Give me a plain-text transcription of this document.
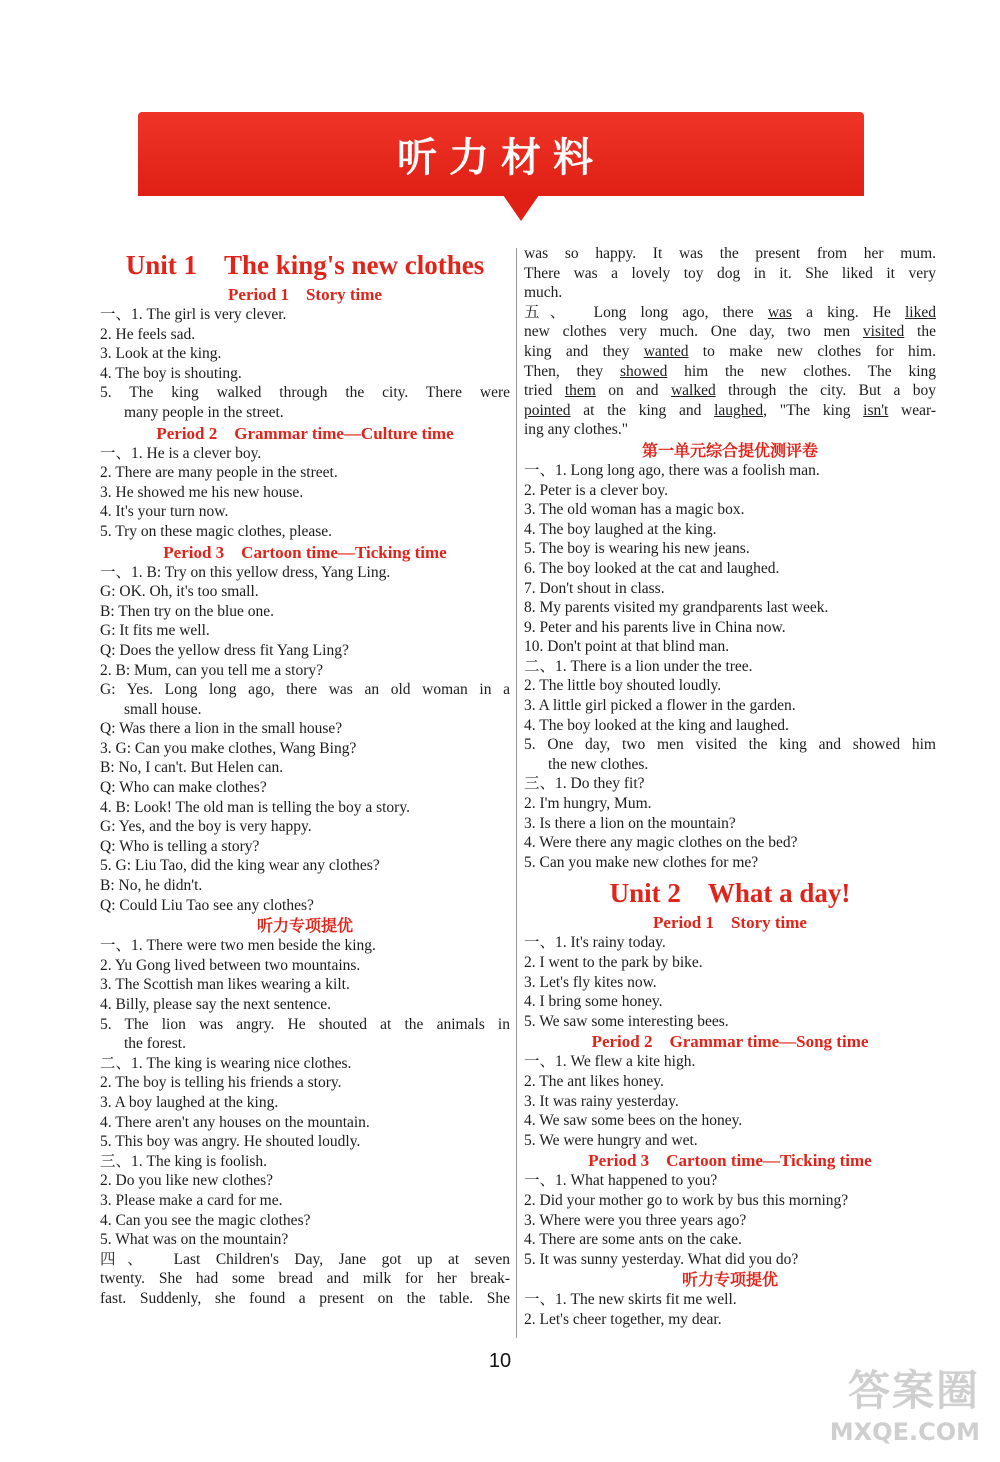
听力材料
Unit 1　The king's new clothes
Period 1　Story time
一、1. The girl is very clever.
2. He feels sad.
3. Look at the king.
4. The boy is shouting.
5. The king walked through the city. There were
many people in the street.
Period 2　Grammar time—Culture time
一、1. He is a clever boy.
2. There are many people in the street.
3. He showed me his new house.
4. It's your turn now.
5. Try on these magic clothes, please.
Period 3　Cartoon time—Ticking time
一、1. B: Try on this yellow dress, Yang Ling.
G: OK. Oh, it's too small.
B: Then try on the blue one.
G: It fits me well.
Q: Does the yellow dress fit Yang Ling?
2. B: Mum, can you tell me a story?
G: Yes. Long long ago, there was an old woman in a
small house.
Q: Was there a lion in the small house?
3. G: Can you make clothes, Wang Bing?
B: No, I can't. But Helen can.
Q: Who can make clothes?
4. B: Look! The old man is telling the boy a story.
G: Yes, and the boy is very happy.
Q: Who is telling a story?
5. G: Liu Tao, did the king wear any clothes?
B: No, he didn't.
Q: Could Liu Tao see any clothes?
听力专项提优
一、1. There were two men beside the king.
2. Yu Gong lived between two mountains.
3. The Scottish man likes wearing a kilt.
4. Billy, please say the next sentence.
5. The lion was angry. He shouted at the animals in
the forest.
二、1. The king is wearing nice clothes.
2. The boy is telling his friends a story.
3. A boy laughed at the king.
4. There aren't any houses on the mountain.
5. This boy was angry. He shouted loudly.
三、1. The king is foolish.
2. Do you like new clothes?
3. Please make a card for me.
4. Can you see the magic clothes?
5. What was on the mountain?
四、　Last Children's Day, Jane got up at seven
twenty. She had some bread and milk for her break-
fast. Suddenly, she found a present on the table. She
was so happy. It was the present from her mum.
There was a lovely toy dog in it. She liked it very
much.
五、　Long long ago, there was a king. He liked
new clothes very much. One day, two men visited the
king and they wanted to make new clothes for him.
Then, they showed him the new clothes. The king
tried them on and walked through the city. But a boy
pointed at the king and laughed, "The king isn't wear-
ing any clothes."
第一单元综合提优测评卷
一、1. Long long ago, there was a foolish man.
2. Peter is a clever boy.
3. The old woman has a magic box.
4. The boy laughed at the king.
5. The boy is wearing his new jeans.
6. The boy looked at the cat and laughed.
7. Don't shout in class.
8. My parents visited my grandparents last week.
9. Peter and his parents live in China now.
10. Don't point at that blind man.
二、1. There is a lion under the tree.
2. The little boy shouted loudly.
3. A little girl picked a flower in the garden.
4. The boy looked at the king and laughed.
5. One day, two men visited the king and showed him
the new clothes.
三、1. Do they fit?
2. I'm hungry, Mum.
3. Is there a lion on the mountain?
4. Were there any magic clothes on the bed?
5. Can you make new clothes for me?
Unit 2　What a day!
Period 1　Story time
一、1. It's rainy today.
2. I went to the park by bike.
3. Let's fly kites now.
4. I bring some honey.
5. We saw some interesting bees.
Period 2　Grammar time—Song time
一、1. We flew a kite high.
2. The ant likes honey.
3. It was rainy yesterday.
4. We saw some bees on the honey.
5. We were hungry and wet.
Period 3　Cartoon time—Ticking time
一、1. What happened to you?
2. Did your mother go to work by bus this morning?
3. Where were you three years ago?
4. There are some ants on the cake.
5. It was sunny yesterday. What did you do?
听力专项提优
一、1. The new skirts fit me well.
2. Let's cheer together, my dear.
10
答案圈
MXQE.COM
